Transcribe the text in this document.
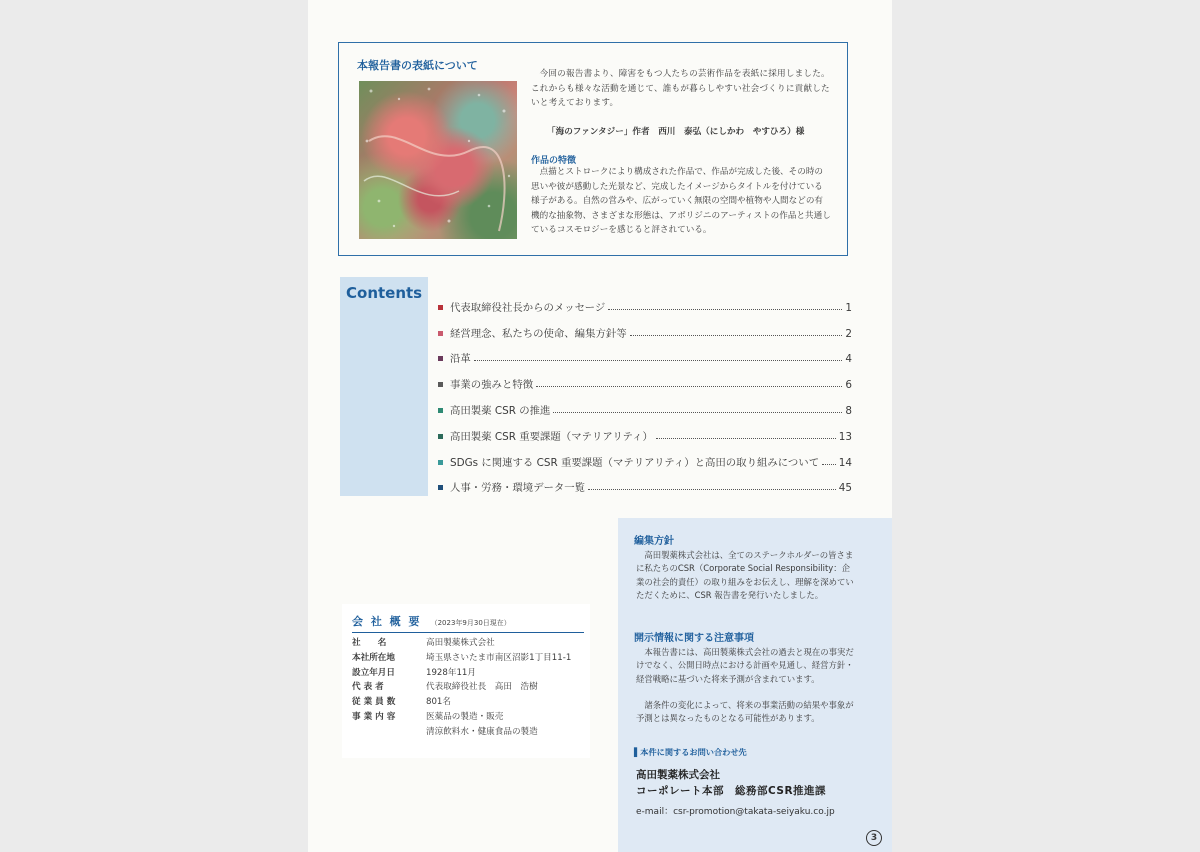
本報告書の表紙について

今回の報告書より、障害をもつ人たちの芸術作品を表紙に採用しました。これからも様々な活動を通じて、誰もが暮らしやすい社会づくりに貢献したいと考えております。

「海のファンタジー」作者　西川　泰弘（にしかわ　やすひろ）様
作品の特徴
点描とストロークにより構成された作品で、作品が完成した後、その時の思いや彼が感動した光景など、完成したイメージからタイトルを付けている様子がある。自然の営みや、広がっていく無限の空間や植物や人間などの有機的な抽象物、さまざまな形態は、アボリジニのアーティストの作品と共通しているコスモロジーを感じると評されている。
Contents
代表取締役社長からのメッセージ	1
経営理念、私たちの使命、編集方針等	2
沿革	4
事業の強みと特徴	6
高田製薬 CSR の推進	8
高田製薬 CSR 重要課題（マテリアリティ）	13
SDGs に関連する CSR 重要課題（マテリアリティ）と高田の取り組みについて 14
人事・労務・環境データ一覧	45
会 社 概 要 （2023年9月30日現在）
社　　名	高田製薬株式会社
本社所在地	埼玉県さいたま市南区沼影1丁目11-1
設立年月日	1928年11月
代 表 者	代表取締役社長　高田　浩樹
従 業 員 数	801名
事 業 内 容	医薬品の製造・販売
清涼飲料水・健康食品の製造
編集方針
高田製薬株式会社は、全てのステークホルダーの皆さまに私たちのCSR（Corporate Social Responsibility：企業の社会的責任）の取り組みをお伝えし、理解を深めていただくために、CSR 報告書を発行いたしました。
開示情報に関する注意事項
本報告書には、高田製薬株式会社の過去と現在の事実だけでなく、公開日時点における計画や見通し、経営方針・経営戦略に基づいた将来予測が含まれています。
諸条件の変化によって、将来の事業活動の結果や事象が予測とは異なったものとなる可能性があります。
▌本件に関するお問い合わせ先
高田製薬株式会社
コーポレート本部　総務部CSR推進課
e-mail：csr-promotion@takata-seiyaku.co.jp
3
